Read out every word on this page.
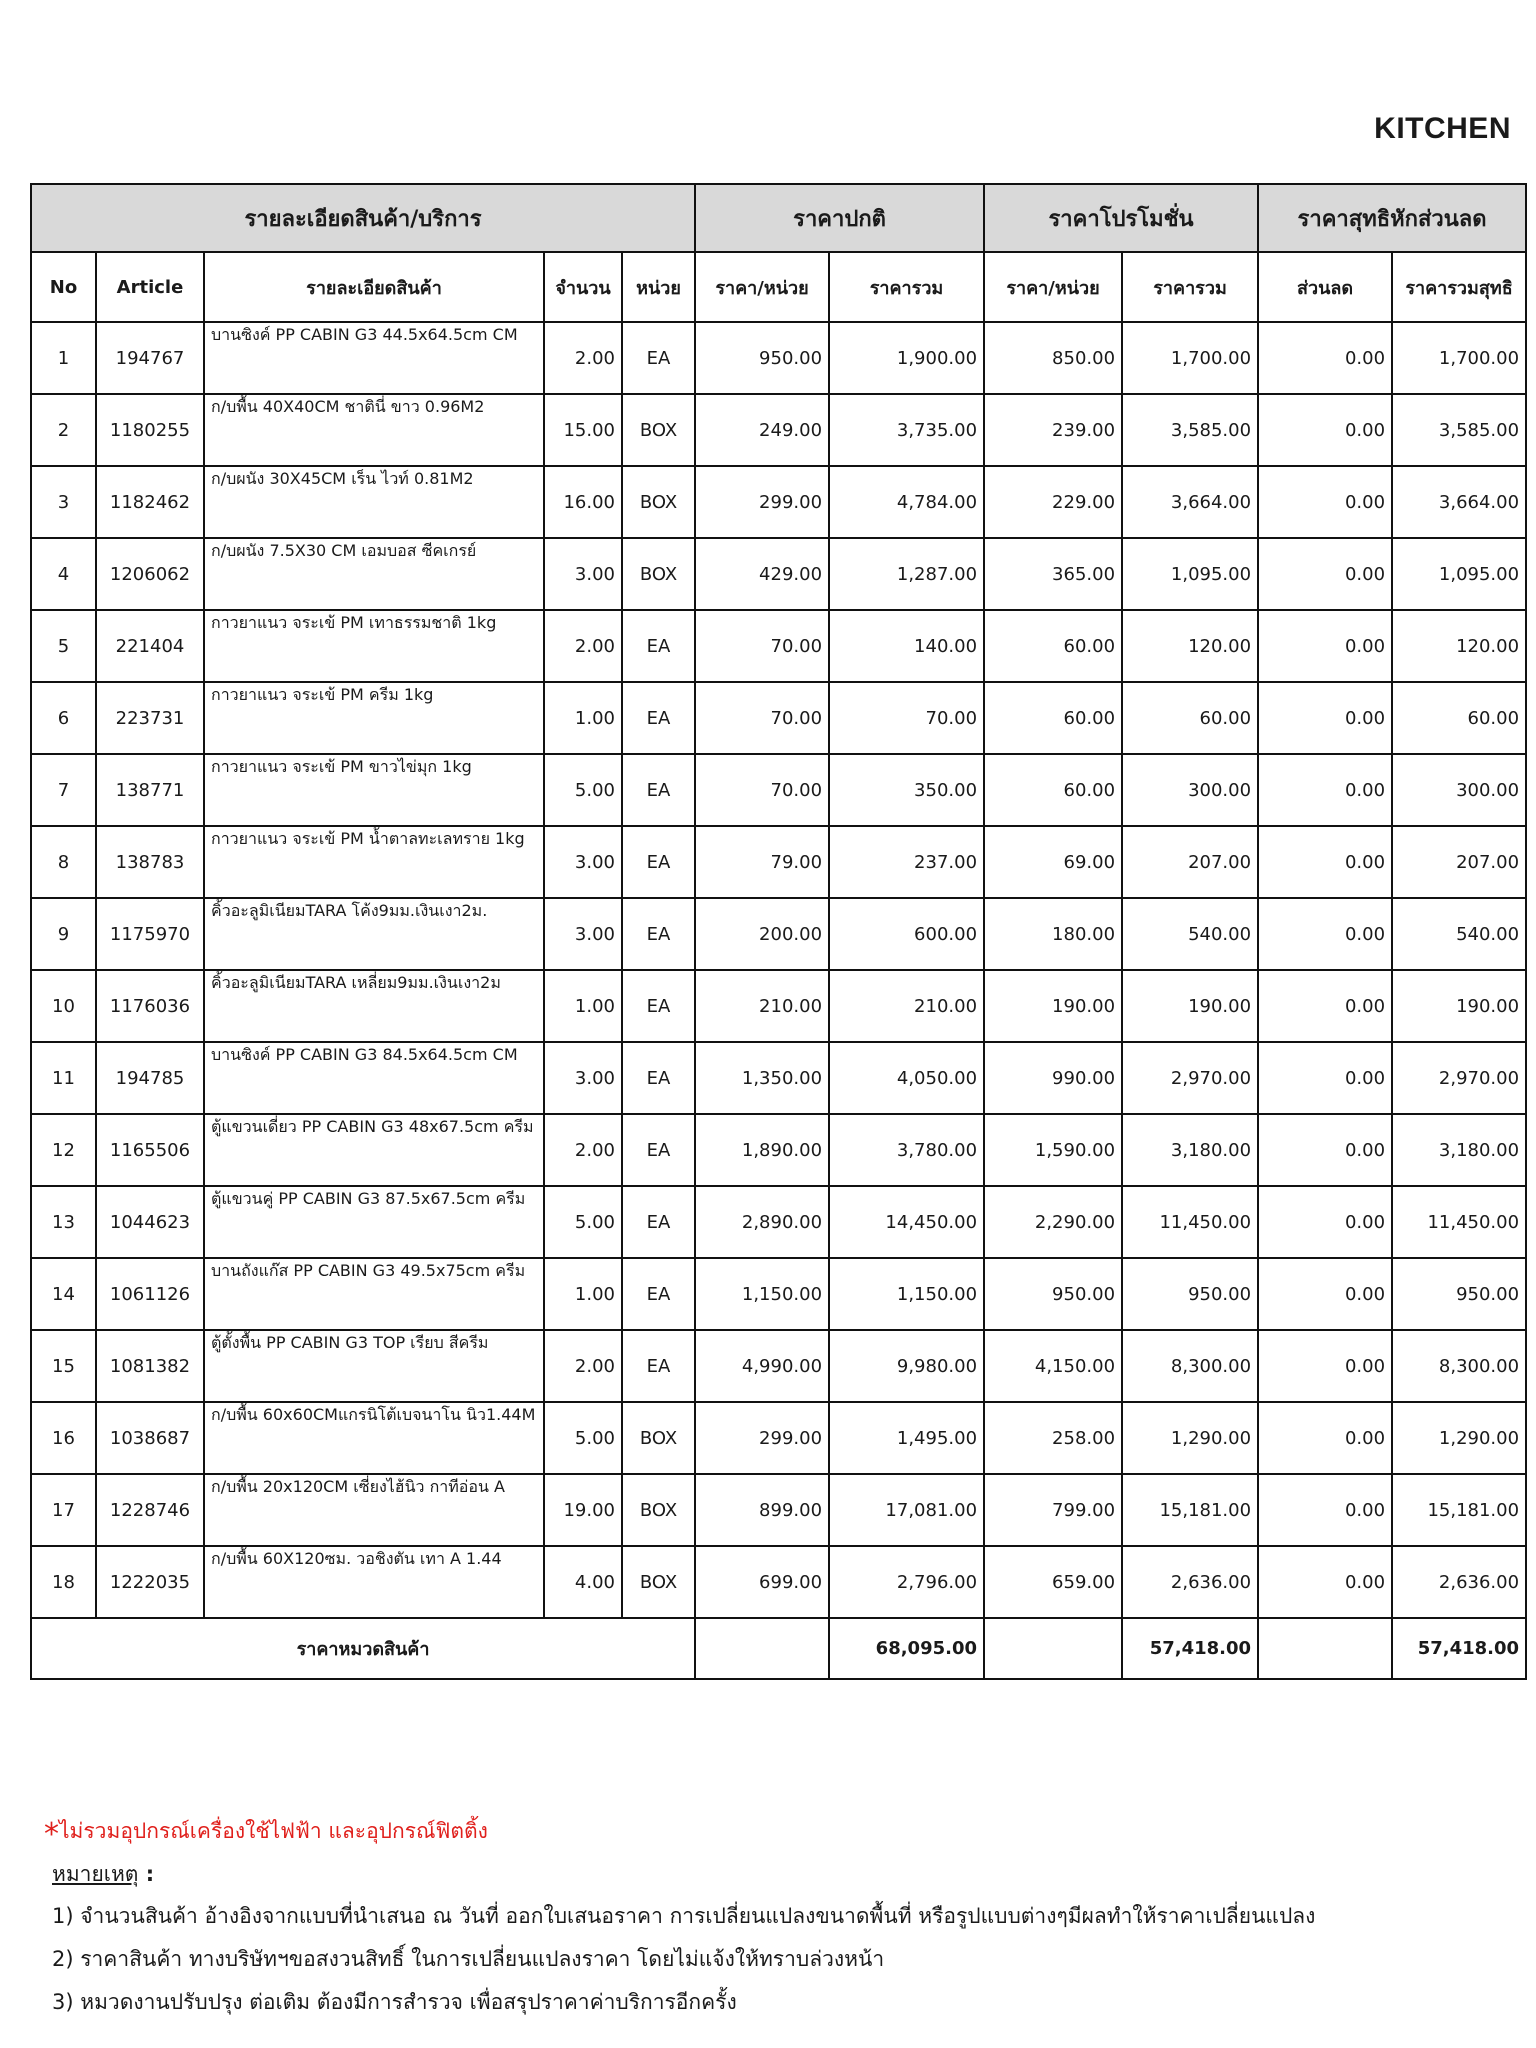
KITCHEN
รายละเอียดสินค้า/บริการ					ราคาปกติ		ราคาโปรโมชั่น		ราคาสุทธิหักส่วนลด	
No	Article	รายละเอียดสินค้า	จำนวน	หน่วย	ราคา/หน่วย	ราคารวม	ราคา/หน่วย	ราคารวม	ส่วนลด	ราคารวมสุทธิ
1	194767	บานซิงค์ PP CABIN G3 44.5x64.5cm CM	2.00	EA	950.00	1,900.00	850.00	1,700.00	0.00	1,700.00
2	1180255	ก/บพื้น 40X40CM ชาตินี่ ขาว 0.96M2	15.00	BOX	249.00	3,735.00	239.00	3,585.00	0.00	3,585.00
3	1182462	ก/บผนัง 30X45CM เร็น ไวท์ 0.81M2	16.00	BOX	299.00	4,784.00	229.00	3,664.00	0.00	3,664.00
4	1206062	ก/บผนัง 7.5X30 CM เอมบอส ซีคเกรย์	3.00	BOX	429.00	1,287.00	365.00	1,095.00	0.00	1,095.00
5	221404	กาวยาแนว จระเข้ PM เทาธรรมชาติ 1kg	2.00	EA	70.00	140.00	60.00	120.00	0.00	120.00
6	223731	กาวยาแนว จระเข้ PM ครีม 1kg	1.00	EA	70.00	70.00	60.00	60.00	0.00	60.00
7	138771	กาวยาแนว จระเข้ PM ขาวไข่มุก 1kg	5.00	EA	70.00	350.00	60.00	300.00	0.00	300.00
8	138783	กาวยาแนว จระเข้ PM น้ำตาลทะเลทราย 1kg	3.00	EA	79.00	237.00	69.00	207.00	0.00	207.00
9	1175970	คิ้วอะลูมิเนียมTARA โค้ง9มม.เงินเงา2ม.	3.00	EA	200.00	600.00	180.00	540.00	0.00	540.00
10	1176036	คิ้วอะลูมิเนียมTARA เหลี่ยม9มม.เงินเงา2ม	1.00	EA	210.00	210.00	190.00	190.00	0.00	190.00
11	194785	บานซิงค์ PP CABIN G3 84.5x64.5cm CM	3.00	EA	1,350.00	4,050.00	990.00	2,970.00	0.00	2,970.00
12	1165506	ตู้แขวนเดี่ยว PP CABIN G3 48x67.5cm ครีม	2.00	EA	1,890.00	3,780.00	1,590.00	3,180.00	0.00	3,180.00
13	1044623	ตู้แขวนคู่ PP CABIN G3 87.5x67.5cm ครีม	5.00	EA	2,890.00	14,450.00	2,290.00	11,450.00	0.00	11,450.00
14	1061126	บานถังแก๊ส PP CABIN G3 49.5x75cm ครีม	1.00	EA	1,150.00	1,150.00	950.00	950.00	0.00	950.00
15	1081382	ตู้ตั้งพื้น PP CABIN G3 TOP เรียบ สีครีม	2.00	EA	4,990.00	9,980.00	4,150.00	8,300.00	0.00	8,300.00
16	1038687	ก/บพื้น 60x60CMแกรนิโต้เบจนาโน นิว1.44M	5.00	BOX	299.00	1,495.00	258.00	1,290.00	0.00	1,290.00
17	1228746	ก/บพื้น 20x120CM เซี่ยงไฮ้นิว กาทีอ่อน A	19.00	BOX	899.00	17,081.00	799.00	15,181.00	0.00	15,181.00
18	1222035	ก/บพื้น 60X120ซม. วอชิงตัน เทา A 1.44	4.00	BOX	699.00	2,796.00	659.00	2,636.00	0.00	2,636.00
ราคาหมวดสินค้า						68,095.00		57,418.00		57,418.00
*ไม่รวมอุปกรณ์เครื่องใช้ไฟฟ้า และอุปกรณ์ฟิตติ้ง
หมายเหตุ :
1) จำนวนสินค้า อ้างอิงจากแบบที่นำเสนอ ณ วันที่ ออกใบเสนอราคา การเปลี่ยนแปลงขนาดพื้นที่ หรือรูปแบบต่างๆมีผลทำให้ราคาเปลี่ยนแปลง
2) ราคาสินค้า ทางบริษัทฯขอสงวนสิทธิ์ ในการเปลี่ยนแปลงราคา โดยไม่แจ้งให้ทราบล่วงหน้า
3) หมวดงานปรับปรุง ต่อเติม ต้องมีการสำรวจ เพื่อสรุปราคาค่าบริการอีกครั้ง
